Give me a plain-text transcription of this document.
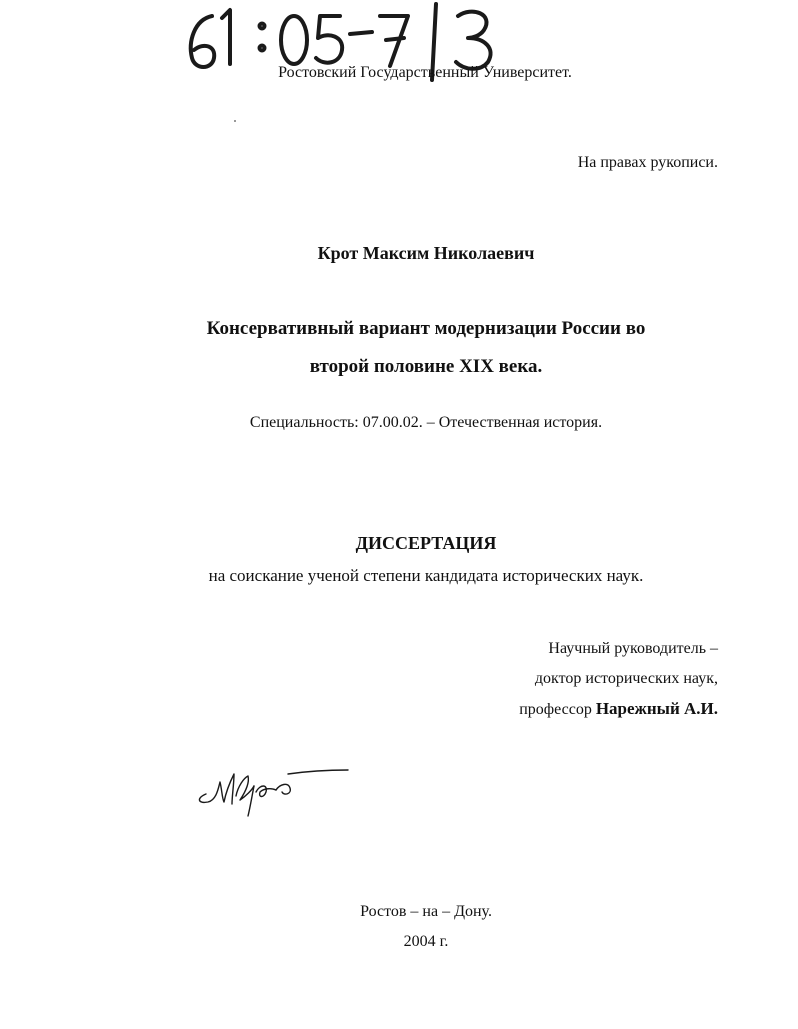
Ростовский Государственный Университет.
На правах рукописи.
Крот Максим Николаевич
Консервативный вариант модернизации России во
второй половине XIX века.
Специальность: 07.00.02. – Отечественная история.
ДИССЕРТАЦИЯ
на соискание ученой степени кандидата исторических наук.
Научный руководитель –
доктор исторических наук,
профессор Нарежный А.И.
Ростов – на – Дону.
2004 г.
